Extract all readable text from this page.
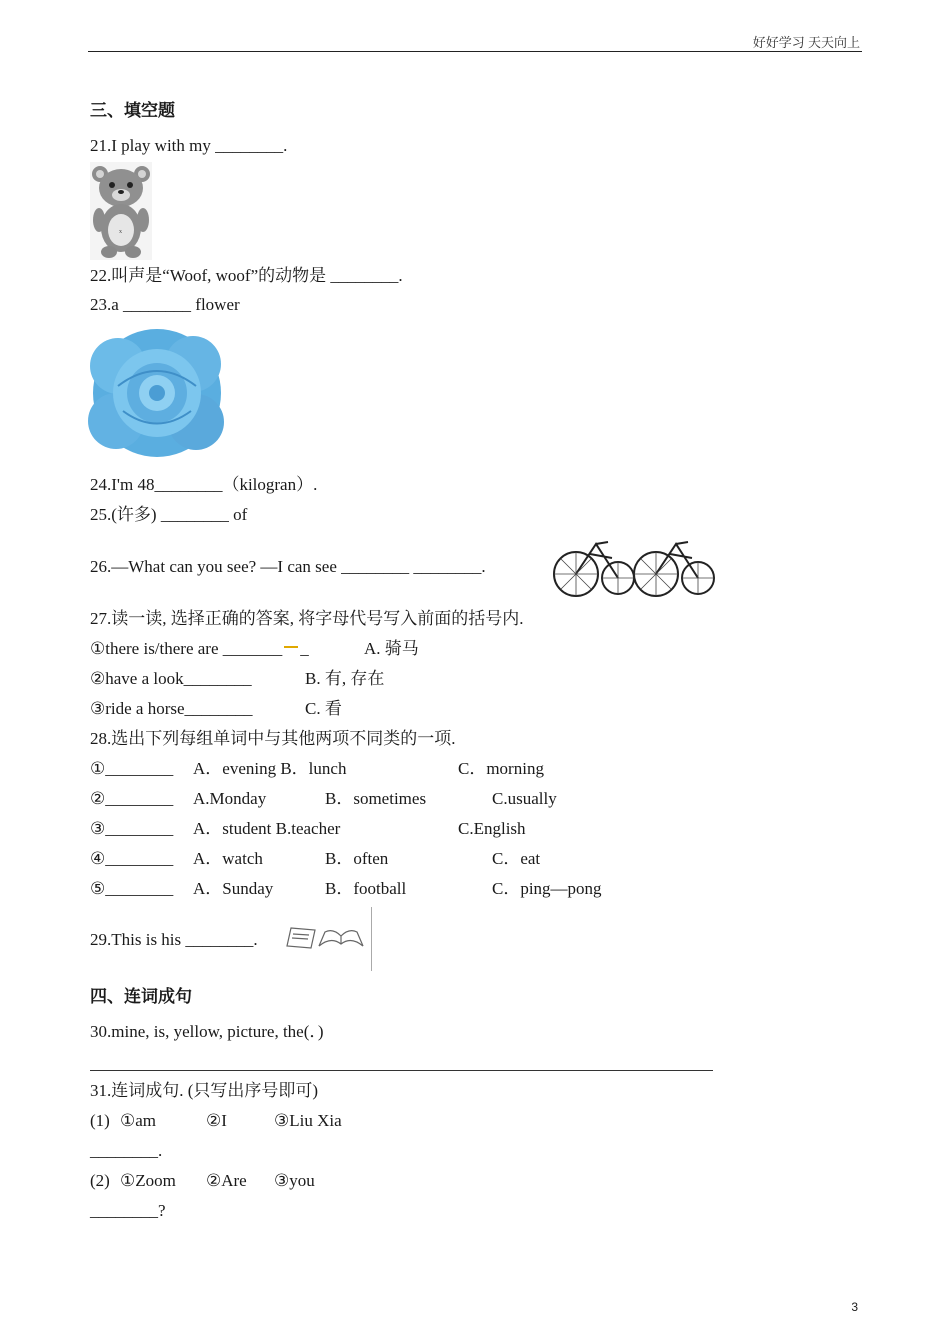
好好学习 天天向上
三、填空题
21.I play with my ________.
x
22.叫声是“Woof, woof”的动物是 ________.
23.a ________ flower
24.I'm 48________（kilogran）.
25.(许多) ________ of
26.—What can you see? —I can see ________ ________.
27.读一读, 选择正确的答案, 将字母代号写入前面的括号内.
①there is/there are _______ _	A. 骑马
②have a look________	B. 有, 存在
③ride a horse________	C. 看
28.选出下列每组单词中与其他两项不同类的一项.
①________ A．evening B．lunch	C．morning
②________ A.Monday	B．sometimes	C.usually
③________ A．student B.teacher	C.English
④________ A．watch	B．often	C．eat
⑤________ A．Sunday	B．football	C．ping—pong
29.This is his ________.
四、连词成句
30.mine, is, yellow, picture, the(．)
31.连词成句. (只写出序号即可)
(1) ①am	②I	③Liu Xia
________.
(2) ①Zoom ②Are ③you
________?
3
